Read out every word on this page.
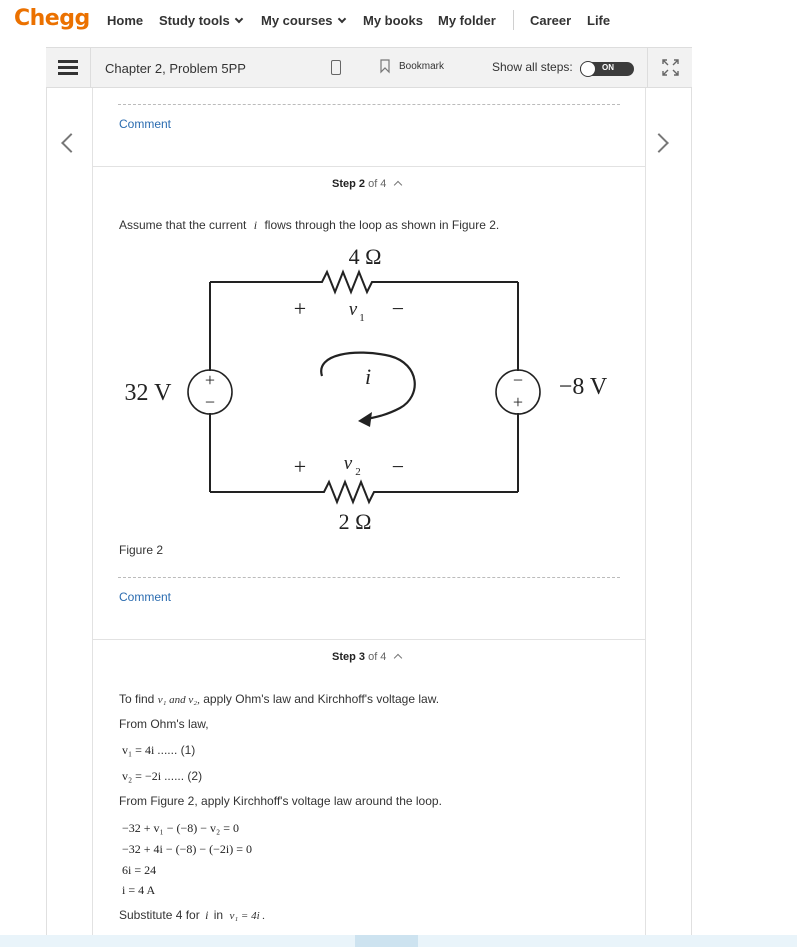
Chegg Home Study tools	My courses	My books My folder	Career Life
Chapter 2, Problem 5PP	Bookmark	Show all steps:	ON
Comment
Step 2 of 4
Assume that the current i flows through the loop as shown in Figure 2.
4 Ω
2 Ω
+	−
v 1
+	−
v 2
i
32 V	−8 V
+
−
−
+
Figure 2
Comment
Step 3 of 4
To find v₁ and v₂, apply Ohm's law and Kirchhoff's voltage law.
From Ohm's law,
v₁ = 4i ...... (1)
v₂ = −2i ...... (2)
From Figure 2, apply Kirchhoff's voltage law around the loop.
−32 + v₁ − (−8) − v₂ = 0
−32 + 4i − (−8) − (−2i) = 0
6i = 24
i = 4 A
Substitute 4 for i in v₁ = 4i .
